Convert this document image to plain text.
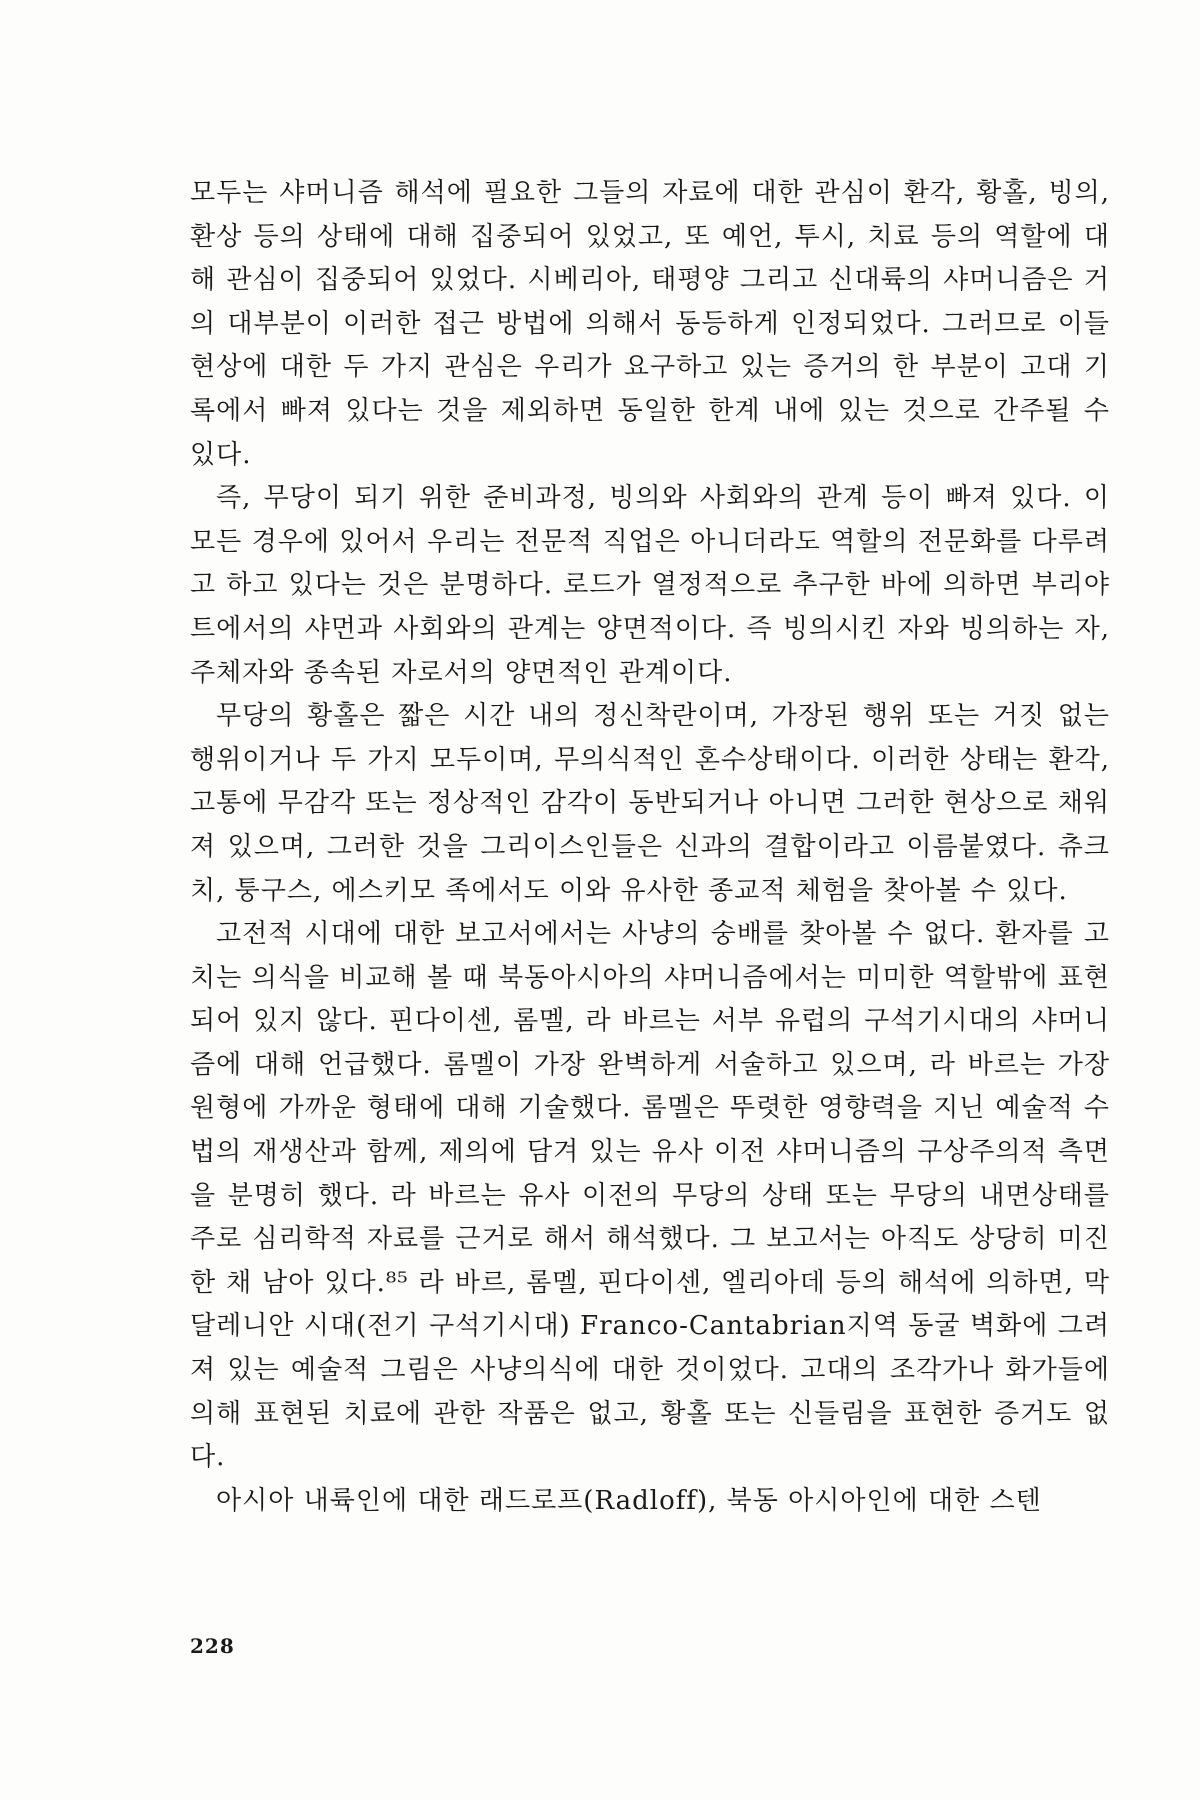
모두는 샤머니즘 해석에 필요한 그들의 자료에 대한 관심이 환각, 황홀, 빙의, 환상 등의 상태에 대해 집중되어 있었고, 또 예언, 투시, 치료 등의 역할에 대해 관심이 집중되어 있었다. 시베리아, 태평양 그리고 신대륙의 샤머니즘은 거의 대부분이 이러한 접근 방법에 의해서 동등하게 인정되었다. 그러므로 이들 현상에 대한 두 가지 관심은 우리가 요구하고 있는 증거의 한 부분이 고대 기록에서 빠져 있다는 것을 제외하면 동일한 한계 내에 있는 것으로 간주될 수 있다.

즉, 무당이 되기 위한 준비과정, 빙의와 사회와의 관계 등이 빠져 있다. 이 모든 경우에 있어서 우리는 전문적 직업은 아니더라도 역할의 전문화를 다루려고 하고 있다는 것은 분명하다. 로드가 열정적으로 추구한 바에 의하면 부리야트에서의 샤먼과 사회와의 관계는 양면적이다. 즉 빙의시킨 자와 빙의하는 자, 주체자와 종속된 자로서의 양면적인 관계이다.

무당의 황홀은 짧은 시간 내의 정신착란이며, 가장된 행위 또는 거짓 없는 행위이거나 두 가지 모두이며, 무의식적인 혼수상태이다. 이러한 상태는 환각, 고통에 무감각 또는 정상적인 감각이 동반되거나 아니면 그러한 현상으로 채워져 있으며, 그러한 것을 그리이스인들은 신과의 결합이라고 이름붙였다. 츄크치, 퉁구스, 에스키모 족에서도 이와 유사한 종교적 체험을 찾아볼 수 있다.

고전적 시대에 대한 보고서에서는 사냥의 숭배를 찾아볼 수 없다. 환자를 고치는 의식을 비교해 볼 때 북동아시아의 샤머니즘에서는 미미한 역할밖에 표현되어 있지 않다. 핀다이센, 롬멜, 라 바르는 서부 유럽의 구석기시대의 샤머니즘에 대해 언급했다. 롬멜이 가장 완벽하게 서술하고 있으며, 라 바르는 가장 원형에 가까운 형태에 대해 기술했다. 롬멜은 뚜렷한 영향력을 지닌 예술적 수법의 재생산과 함께, 제의에 담겨 있는 유사 이전 샤머니즘의 구상주의적 측면을 분명히 했다. 라 바르는 유사 이전의 무당의 상태 또는 무당의 내면상태를 주로 심리학적 자료를 근거로 해서 해석했다. 그 보고서는 아직도 상당히 미진한 채 남아 있다.⁸⁵ 라 바르, 롬멜, 핀다이센, 엘리아데 등의 해석에 의하면, 막달레니안 시대(전기 구석기시대) Franco-Cantabrian지역 동굴 벽화에 그려져 있는 예술적 그림은 사냥의식에 대한 것이었다. 고대의 조각가나 화가들에 의해 표현된 치료에 관한 작품은 없고, 황홀 또는 신들림을 표현한 증거도 없다.

아시아 내륙인에 대한 래드로프(Radloff), 북동 아시아인에 대한 스텐

228
